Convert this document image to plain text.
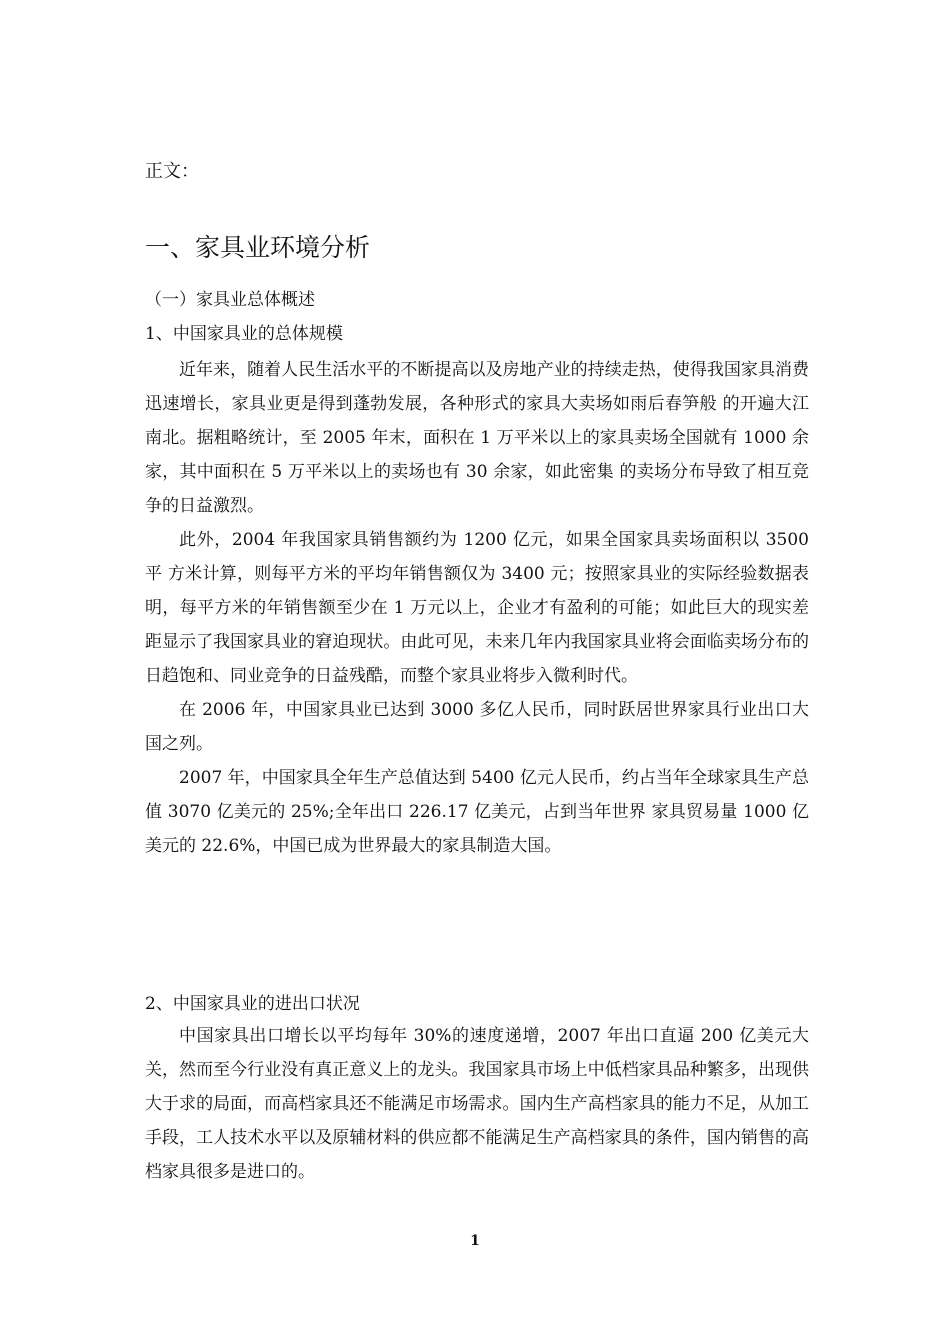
正文：
一、家具业环境分析
（一）家具业总体概述
1、中国家具业的总体规模

近年来，随着人民生活水平的不断提高以及房地产业的持续走热，使得我国家具消费迅速增长，家具业更是得到蓬勃发展，各种形式的家具大卖场如雨后春笋般 的开遍大江南北。据粗略统计，至 2005 年末，面积在 1 万平米以上的家具卖场全国就有 1000 余家，其中面积在 5 万平米以上的卖场也有 30 余家，如此密集 的卖场分布导致了相互竞争的日益激烈。

此外，2004 年我国家具销售额约为 1200 亿元，如果全国家具卖场面积以 3500 平 方米计算，则每平方米的平均年销售额仅为 3400 元；按照家具业的实际经验数据表明，每平方米的年销售额至少在 1 万元以上，企业才有盈利的可能；如此巨大的现实差距显示了我国家具业的窘迫现状。由此可见，未来几年内我国家具业将会面临卖场分布的日趋饱和、同业竞争的日益残酷，而整个家具业将步入微利时代。

在 2006 年，中国家具业已达到 3000 多亿人民币，同时跃居世界家具行业出口大国之列。

2007 年，中国家具全年生产总值达到 5400 亿元人民币，约占当年全球家具生产总值 3070 亿美元的 25%;全年出口 226.17 亿美元，占到当年世界 家具贸易量 1000 亿美元的 22.6%，中国已成为世界最大的家具制造大国。

2、中国家具业的进出口状况

中国家具出口增长以平均每年 30%的速度递增，2007 年出口直逼 200 亿美元大关，然而至今行业没有真正意义上的龙头。我国家具市场上中低档家具品种繁多，出现供大于求的局面，而高档家具还不能满足市场需求。国内生产高档家具的能力不足，从加工手段，工人技术水平以及原辅材料的供应都不能满足生产高档家具的条件，国内销售的高档家具很多是进口的。

1
